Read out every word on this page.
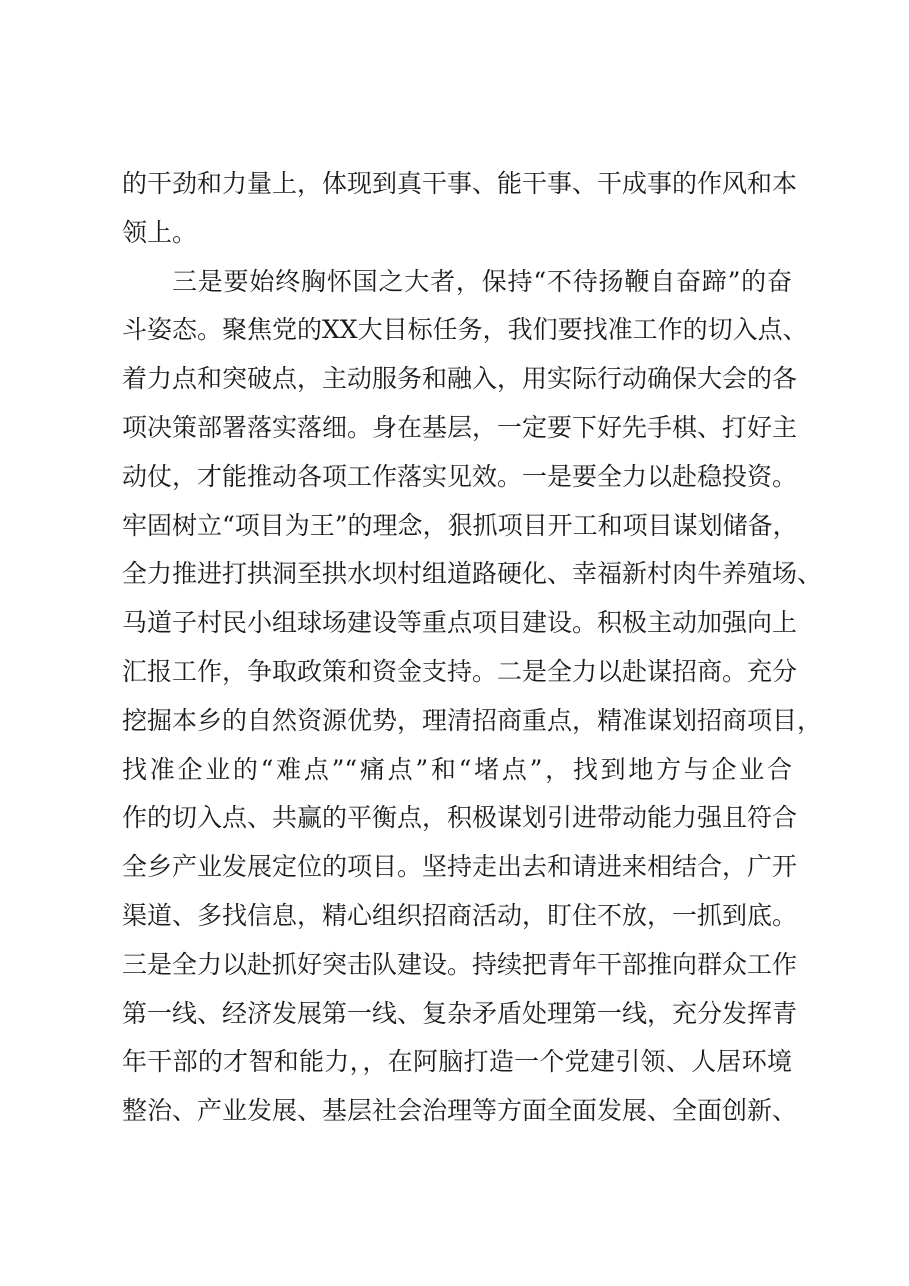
的干劲和力量上，体现到真干事、能干事、干成事的作风和本
领上。
三是要始终胸怀国之大者，保持“不待扬鞭自奋蹄”的奋
斗姿态。聚焦党的XX大目标任务，我们要找准工作的切入点、
着力点和突破点，主动服务和融入，用实际行动确保大会的各
项决策部署落实落细。身在基层，一定要下好先手棋、打好主
动仗，才能推动各项工作落实见效。一是要全力以赴稳投资。
牢固树立“项目为王”的理念，狠抓项目开工和项目谋划储备，
全力推进打拱洞至拱水坝村组道路硬化、幸福新村肉牛养殖场、
马道子村民小组球场建设等重点项目建设。积极主动加强向上
汇报工作，争取政策和资金支持。二是全力以赴谋招商。充分
挖掘本乡的自然资源优势，理清招商重点，精准谋划招商项目，
找准企业的“难点”“痛点”和“堵点”，找到地方与企业合
作的切入点、共赢的平衡点，积极谋划引进带动能力强且符合
全乡产业发展定位的项目。坚持走出去和请进来相结合，广开
渠道、多找信息，精心组织招商活动，盯住不放，一抓到底。
三是全力以赴抓好突击队建设。持续把青年干部推向群众工作
第一线、经济发展第一线、复杂矛盾处理第一线，充分发挥青
年干部的才智和能力，，在阿脑打造一个党建引领、人居环境
整治、产业发展、基层社会治理等方面全面发展、全面创新、
